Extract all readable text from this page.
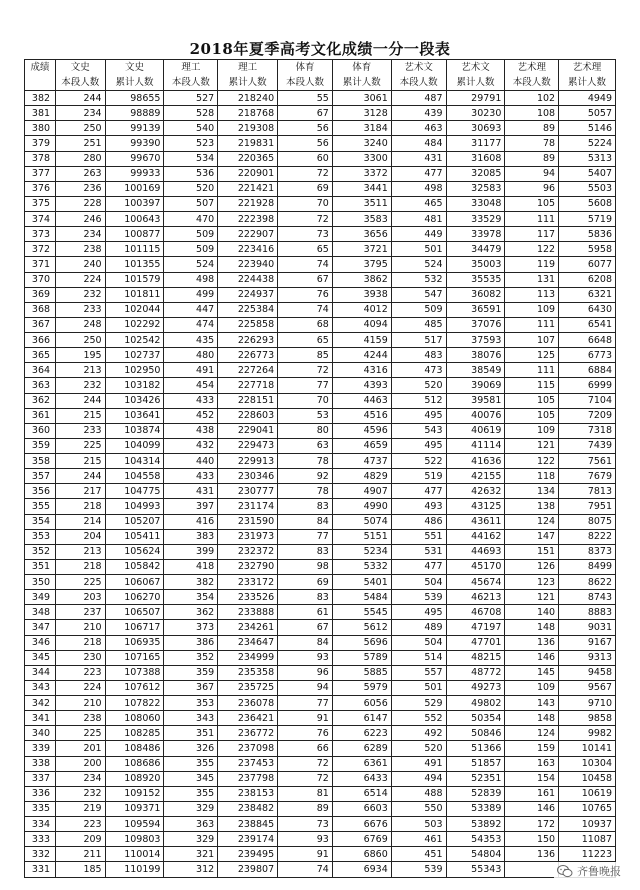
2018年夏季高考文化成绩一分一段表
成绩	文史	文史	理工	理工	体育	体育	艺术文	艺术文	艺术理	艺术理
	本段人数	累计人数	本段人数	累计人数	本段人数	累计人数	本段人数	累计人数	本段人数	累计人数
382	244	98655	527	218240	55	3061	487	29791	102	4949
381	234	98889	528	218768	67	3128	439	30230	108	5057
380	250	99139	540	219308	56	3184	463	30693	89	5146
379	251	99390	523	219831	56	3240	484	31177	78	5224
378	280	99670	534	220365	60	3300	431	31608	89	5313
377	263	99933	536	220901	72	3372	477	32085	94	5407
376	236	100169	520	221421	69	3441	498	32583	96	5503
375	228	100397	507	221928	70	3511	465	33048	105	5608
374	246	100643	470	222398	72	3583	481	33529	111	5719
373	234	100877	509	222907	73	3656	449	33978	117	5836
372	238	101115	509	223416	65	3721	501	34479	122	5958
371	240	101355	524	223940	74	3795	524	35003	119	6077
370	224	101579	498	224438	67	3862	532	35535	131	6208
369	232	101811	499	224937	76	3938	547	36082	113	6321
368	233	102044	447	225384	74	4012	509	36591	109	6430
367	248	102292	474	225858	68	4094	485	37076	111	6541
366	250	102542	435	226293	65	4159	517	37593	107	6648
365	195	102737	480	226773	85	4244	483	38076	125	6773
364	213	102950	491	227264	72	4316	473	38549	111	6884
363	232	103182	454	227718	77	4393	520	39069	115	6999
362	244	103426	433	228151	70	4463	512	39581	105	7104
361	215	103641	452	228603	53	4516	495	40076	105	7209
360	233	103874	438	229041	80	4596	543	40619	109	7318
359	225	104099	432	229473	63	4659	495	41114	121	7439
358	215	104314	440	229913	78	4737	522	41636	122	7561
357	244	104558	433	230346	92	4829	519	42155	118	7679
356	217	104775	431	230777	78	4907	477	42632	134	7813
355	218	104993	397	231174	83	4990	493	43125	138	7951
354	214	105207	416	231590	84	5074	486	43611	124	8075
353	204	105411	383	231973	77	5151	551	44162	147	8222
352	213	105624	399	232372	83	5234	531	44693	151	8373
351	218	105842	418	232790	98	5332	477	45170	126	8499
350	225	106067	382	233172	69	5401	504	45674	123	8622
349	203	106270	354	233526	83	5484	539	46213	121	8743
348	237	106507	362	233888	61	5545	495	46708	140	8883
347	210	106717	373	234261	67	5612	489	47197	148	9031
346	218	106935	386	234647	84	5696	504	47701	136	9167
345	230	107165	352	234999	93	5789	514	48215	146	9313
344	223	107388	359	235358	96	5885	557	48772	145	9458
343	224	107612	367	235725	94	5979	501	49273	109	9567
342	210	107822	353	236078	77	6056	529	49802	143	9710
341	238	108060	343	236421	91	6147	552	50354	148	9858
340	225	108285	351	236772	76	6223	492	50846	124	9982
339	201	108486	326	237098	66	6289	520	51366	159	10141
338	200	108686	355	237453	72	6361	491	51857	163	10304
337	234	108920	345	237798	72	6433	494	52351	154	10458
336	232	109152	355	238153	81	6514	488	52839	161	10619
335	219	109371	329	238482	89	6603	550	53389	146	10765
334	223	109594	363	238845	73	6676	503	53892	172	10937
333	209	109803	329	239174	93	6769	461	54353	150	11087
332	211	110014	321	239495	91	6860	451	54804	136	11223
331	185	110199	312	239807	74	6934	539	55343			齐鲁晚报
